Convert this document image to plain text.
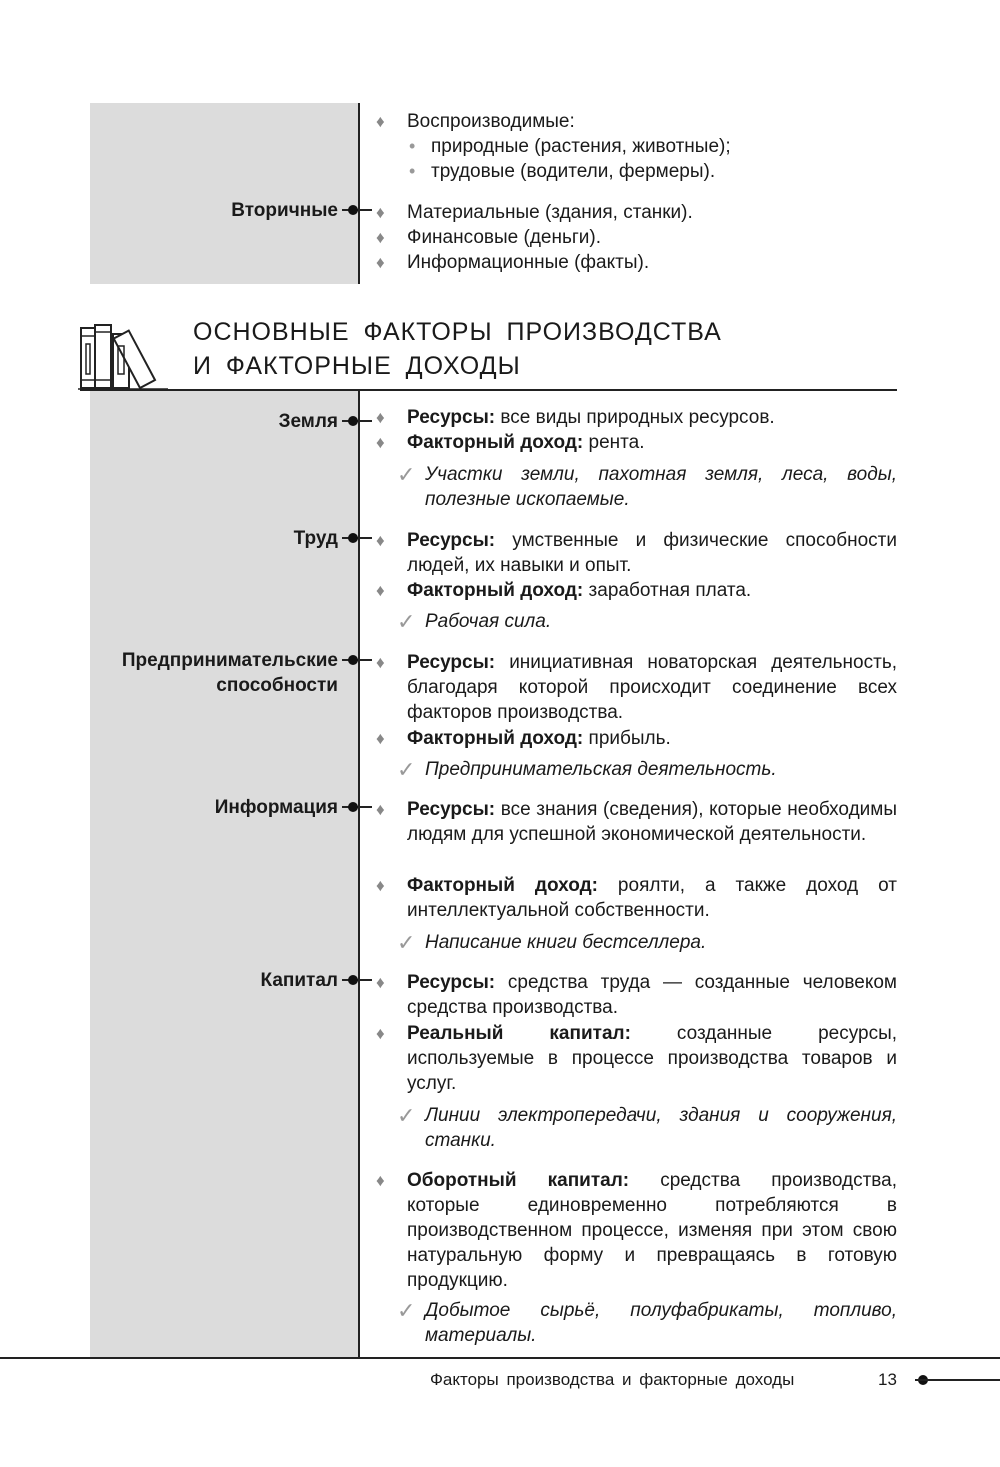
ОСНОВНЫЕ ФАКТОРЫ ПРОИЗВОДСТВА
И ФАКТОРНЫЕ ДОХОДЫ
Вторичные
♦ Воспроизводимые:
• природные (растения, животные);
• трудовые (водители, фермеры).
♦ Материальные (здания, станки).
♦ Финансовые (деньги).
♦ Информационные (факты).
Земля ♦ Ресурсы: все виды природных ресурсов.
♦ Факторный доход: рента.
✓ Участки земли, пахотная земля, леса, воды, полезные ископаемые.
Труд ♦ Ресурсы: умственные и физические способности людей, их навыки и опыт.
♦ Факторный доход: заработная плата.
✓ Рабочая сила.
Предпринимательские способности
♦ Ресурсы: инициативная новаторская деятельность, благодаря которой происходит соединение всех факторов производства.
♦ Факторный доход: прибыль.
✓ Предпринимательская деятельность.
Информация ♦ Ресурсы: все знания (сведения), которые необходимы людям для успешной экономической деятельности.
♦ Факторный доход: роялти, а также доход от интеллектуальной собственности.
✓ Написание книги бестселлера.
Капитал ♦ Ресурсы: средства труда — созданные человеком средства производства.
♦ Реальный капитал: созданные ресурсы, используемые в процессе производства товаров и услуг.
✓ Линии электропередачи, здания и сооружения, станки.
♦ Оборотный капитал: средства производства, которые единовременно потребляются в производственном процессе, изменяя при этом свою натуральную форму и превращаясь в готовую продукцию.
✓ Добытое сырьё, полуфабрикаты, топливо, материалы.
Факторы производства и факторные доходы	13
